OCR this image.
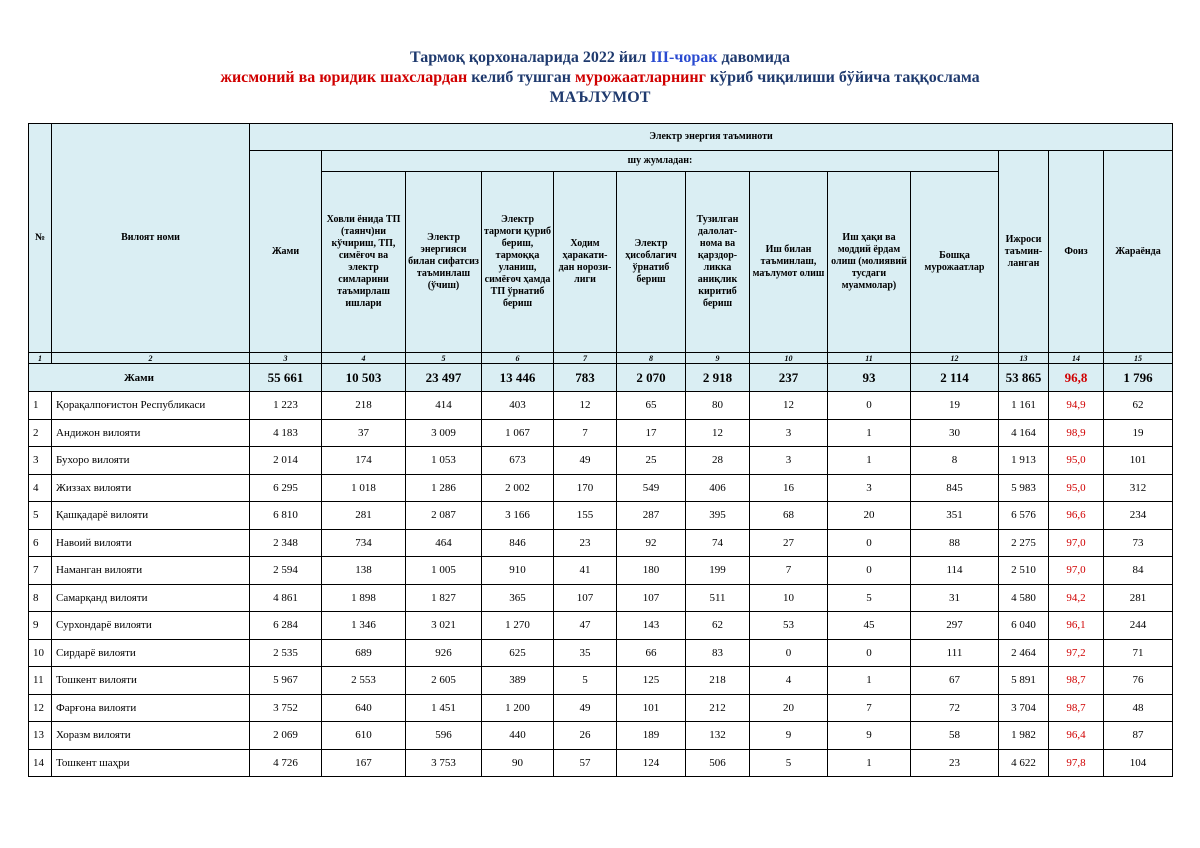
Тармоқ қорхоналарида 2022 йил III-чорак давомида
жисмоний ва юридик шахслардан келиб тушган мурожаатларнинг кўриб чиқилиши бўйича таққослама
МАЪЛУМОТ
№	Вилоят номи	Электр энергия таъминоти												
		Жами	шу жумладан:									Ижроси таъмин-ланган	Фоиз	Жараёнда
			Ховли ёнида ТП (таянч)ни кўчириш, ТП, симёғоч ва электр симларини таъмирлаш ишлари	Электр энергияси билан сифатсиз таъминлаш (ўчиш)	Электр тармоги қуриб бериш, тармоққа уланиш, симёғоч ҳамда ТП ўрнатиб бериш	Ходим ҳаракати-дан норози-лиги	Электр ҳисоблагич ўрнатиб бериш	Тузилган далолат-нома ва қарздор-ликка аниқлик киритиб бериш	Иш билан таъминлаш, маълумот олиш	Иш ҳақи ва моддий ёрдам олиш (молиявий тусдаги муаммолар)	Бошқа мурожаатлар			
1	2	3	4	5	6	7	8	9	10	11	12	13	14	15
Жами		55 661	10 503	23 497	13 446	783	2 070	2 918	237	93	2 114	53 865	96,8	1 796
1	Қорақалпоғистон Республикаси	1 223	218	414	403	12	65	80	12	0	19	1 161	94,9	62
2	Андижон вилояти	4 183	37	3 009	1 067	7	17	12	3	1	30	4 164	98,9	19
3	Бухоро вилояти	2 014	174	1 053	673	49	25	28	3	1	8	1 913	95,0	101
4	Жиззах вилояти	6 295	1 018	1 286	2 002	170	549	406	16	3	845	5 983	95,0	312
5	Қашқадарё вилояти	6 810	281	2 087	3 166	155	287	395	68	20	351	6 576	96,6	234
6	Навоий вилояти	2 348	734	464	846	23	92	74	27	0	88	2 275	97,0	73
7	Наманган вилояти	2 594	138	1 005	910	41	180	199	7	0	114	2 510	97,0	84
8	Самарқанд вилояти	4 861	1 898	1 827	365	107	107	511	10	5	31	4 580	94,2	281
9	Сурхондарё вилояти	6 284	1 346	3 021	1 270	47	143	62	53	45	297	6 040	96,1	244
10	Сирдарё вилояти	2 535	689	926	625	35	66	83	0	0	111	2 464	97,2	71
11	Тошкент вилояти	5 967	2 553	2 605	389	5	125	218	4	1	67	5 891	98,7	76
12	Фарғона вилояти	3 752	640	1 451	1 200	49	101	212	20	7	72	3 704	98,7	48
13	Хоразм вилояти	2 069	610	596	440	26	189	132	9	9	58	1 982	96,4	87
14	Тошкент шаҳри	4 726	167	3 753	90	57	124	506	5	1	23	4 622	97,8	104
